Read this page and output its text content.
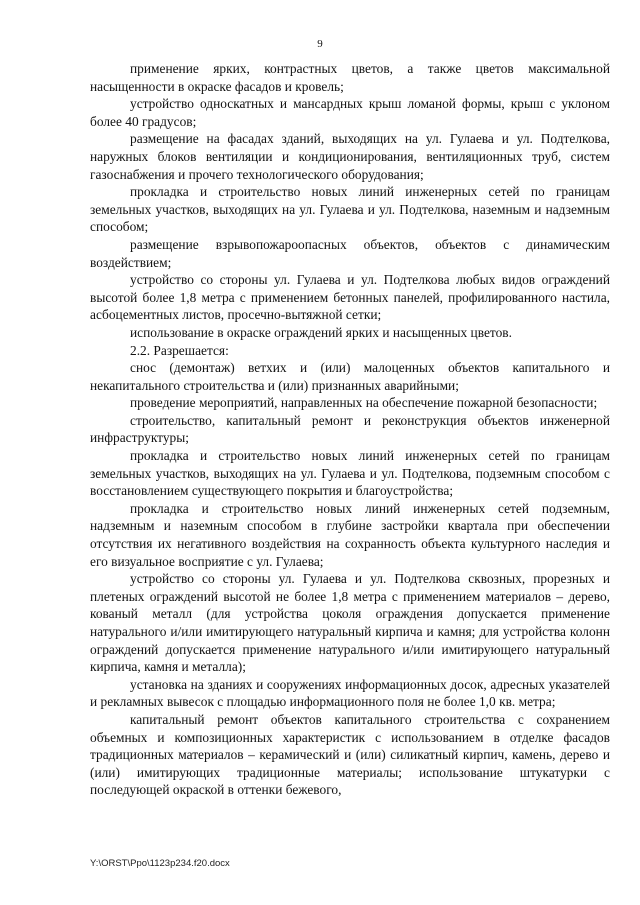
9

применение ярких, контрастных цветов, а также цветов максимальной насыщенности в окраске фасадов и кровель;

устройство односкатных и мансардных крыш ломаной формы, крыш с уклоном более 40 градусов;

размещение на фасадах зданий, выходящих на ул. Гулаева и ул. Подтелкова, наружных блоков вентиляции и кондиционирования, вентиляционных труб, систем газоснабжения и прочего технологического оборудования;

прокладка и строительство новых линий инженерных сетей по границам земельных участков, выходящих на ул. Гулаева и ул. Подтелкова, наземным и надземным способом;

размещение взрывопожароопасных объектов, объектов с динамическим воздействием;

устройство со стороны ул. Гулаева и ул. Подтелкова любых видов ограждений высотой более 1,8 метра с применением бетонных панелей, профилированного настила, асбоцементных листов, просечно-вытяжной сетки;

использование в окраске ограждений ярких и насыщенных цветов.

2.2. Разрешается:

снос (демонтаж) ветхих и (или) малоценных объектов капитального и некапитального строительства и (или) признанных аварийными;

проведение мероприятий, направленных на обеспечение пожарной безопасности;

строительство, капитальный ремонт и реконструкция объектов инженерной инфраструктуры;

прокладка и строительство новых линий инженерных сетей по границам земельных участков, выходящих на ул. Гулаева и ул. Подтелкова, подземным способом с восстановлением существующего покрытия и благоустройства;

прокладка и строительство новых линий инженерных сетей подземным, надземным и наземным способом в глубине застройки квартала при обеспечении отсутствия их негативного воздействия на сохранность объекта культурного наследия и его визуальное восприятие с ул. Гулаева;

устройство со стороны ул. Гулаева и ул. Подтелкова сквозных, прорезных и плетеных ограждений высотой не более 1,8 метра с применением материалов – дерево, кованый металл (для устройства цоколя ограждения допускается применение натурального и/или имитирующего натуральный кирпича и камня; для устройства колонн ограждений допускается применение натурального и/или имитирующего натуральный кирпича, камня и металла);

установка на зданиях и сооружениях информационных досок, адресных указателей и рекламных вывесок с площадью информационного поля не более 1,0 кв. метра;

капитальный ремонт объектов капитального строительства с сохранением объемных и композиционных характеристик с использованием в отделке фасадов традиционных материалов – керамический и (или) силикатный кирпич, камень, дерево и (или) имитирующих традиционные материалы; использование штукатурки с последующей окраской в оттенки бежевого,

Y:\ORST\Ppo\1123p234.f20.docx
